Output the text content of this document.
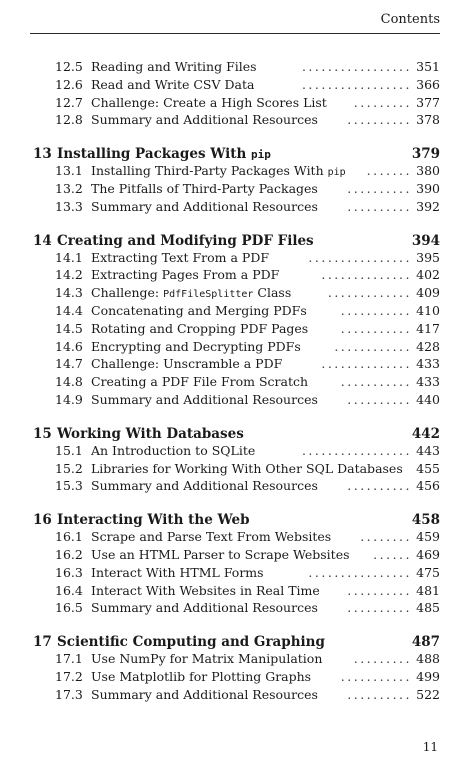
Contents
12.5 Reading and Writing Files	................. 351
12.6 Read and Write CSV Data	................. 366
12.7 Challenge: Create a High Scores List ......... 377
12.8 Summary and Additional Resources .......... 378
13 Installing Packages With pip	379
13.1 Installing Third-Party Packages With pip ....... 380
13.2 The Pitfalls of Third-Party Packages .......... 390
13.3 Summary and Additional Resources .......... 392
14 Creating and Modifying PDF Files	394
14.1 Extracting Text From a PDF	................ 395
14.2 Extracting Pages From a PDF	.............. 402
14.3 Challenge: PdfFileSplitter Class	............. 409
14.4 Concatenating and Merging PDFs	........... 410
14.5 Rotating and Cropping PDF Pages	........... 417
14.6 Encrypting and Decrypting PDFs	............ 428
14.7 Challenge: Unscramble a PDF	.............. 433
14.8 Creating a PDF File From Scratch	........... 433
14.9 Summary and Additional Resources .......... 440
15 Working With Databases	442
15.1 An Introduction to SQLite	................. 443
15.2 Libraries for Working With Other SQL Databases 455
15.3 Summary and Additional Resources .......... 456
16 Interacting With the Web	458
16.1 Scrape and Parse Text From Websites ........ 459
16.2 Use an HTML Parser to Scrape Websites ...... 469
16.3 Interact With HTML Forms	................ 475
16.4 Interact With Websites in Real Time .......... 481
16.5 Summary and Additional Resources .......... 485
17 Scientific Computing and Graphing	487
17.1 Use NumPy for Matrix Manipulation	......... 488
17.2 Use Matplotlib for Plotting Graphs ........... 499
17.3 Summary and Additional Resources .......... 522
11
